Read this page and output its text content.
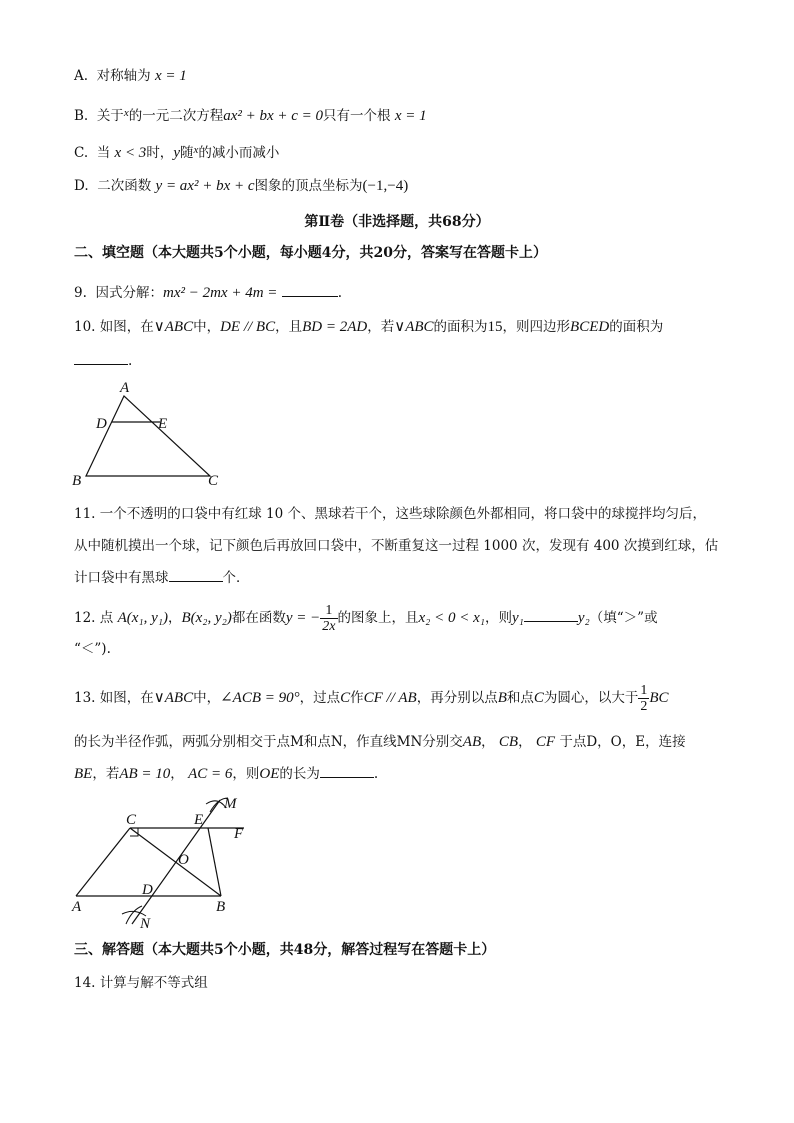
A. 对称轴为 x = 1
B. 关于$^x$的一元二次方程ax² + bx + c = 0只有一个根 x = 1
C. 当 x < 3时，y随$^x$的减小而减小
D. 二次函数 y = ax² + bx + c图象的顶点坐标为(−1,−4)
第Ⅱ卷（非选择题，共68分）
二、填空题（本大题共5个小题，每小题4分，共20分，答案写在答题卡上）
9. 因式分解：mx² − 2mx + 4m =	.
10. 如图，在∨ABC中，DE // BC，且BD = 2AD，若∨ABC的面积为15，则四边形BCED的面积为
.
A
D	E
B	C
11. 一个不透明的口袋中有红球 10 个、黑球若干个，这些球除颜色外都相同，将口袋中的球搅拌均匀后，
从中随机摸出一个球，记下颜色后再放回口袋中，不断重复这一过程 1000 次，发现有 400 次摸到红球，估
计口袋中有黑球	个．
12. 点 A(x₁, y₁)，B(x₂, y₂)都在函数y = − $\frac{1}{2x}$ 的图象上，且x₂ < 0 < x₁，则y₁	y₂（填“＞”或
“＜”).
13. 如图，在∨ABC中，∠ACB = 90°，过点C作CF // AB，再分别以点B和点C为圆心，以大于 $\frac{1}{2}$ BC
的长为半径作弧，两弧分别相交于点M和点N，作直线MN分别交AB， CB， CF 于点D，O，E，连接
BE，若AB = 10， AC = 6，则OE的长为	.
C	E
F
O
D
A	B
M
N
三、解答题（本大题共5个小题，共48分，解答过程写在答题卡上）
14. 计算与解不等式组
